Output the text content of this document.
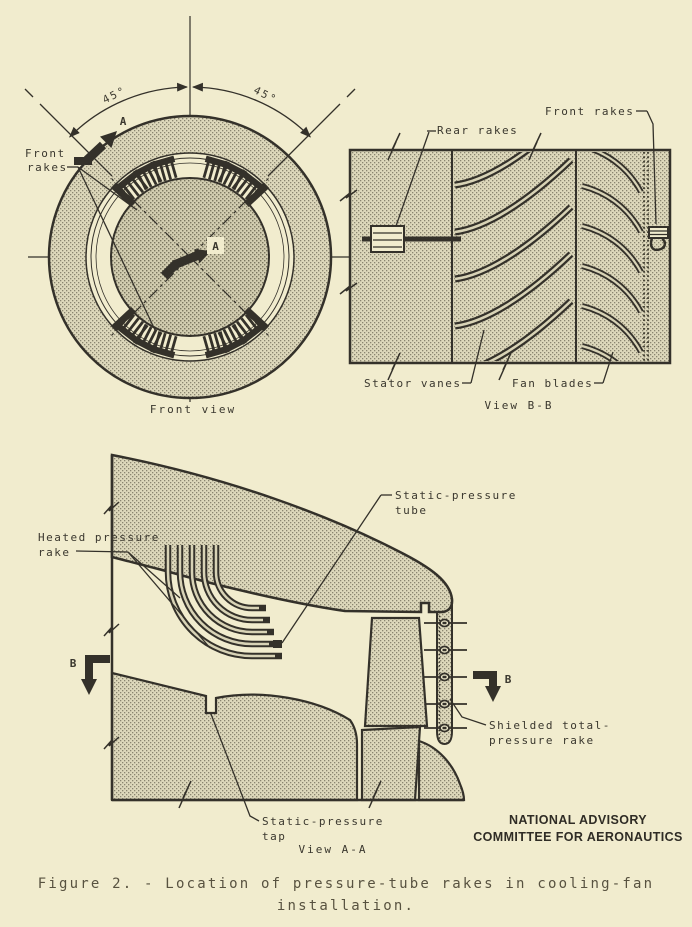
45°	45°
A
A
Front
rakes
Front view
Rear rakes
Front rakes
Stator vanes	Fan blades
View B-B
Heated pressure
rake
Static-pressure
tube
Static-pressure
tap
Shielded total-
pressure rake
B
B
View A-A
NATIONAL ADVISORY
COMMITTEE FOR AERONAUTICS
Figure 2. - Location of pressure-tube rakes in cooling-fan
installation.
